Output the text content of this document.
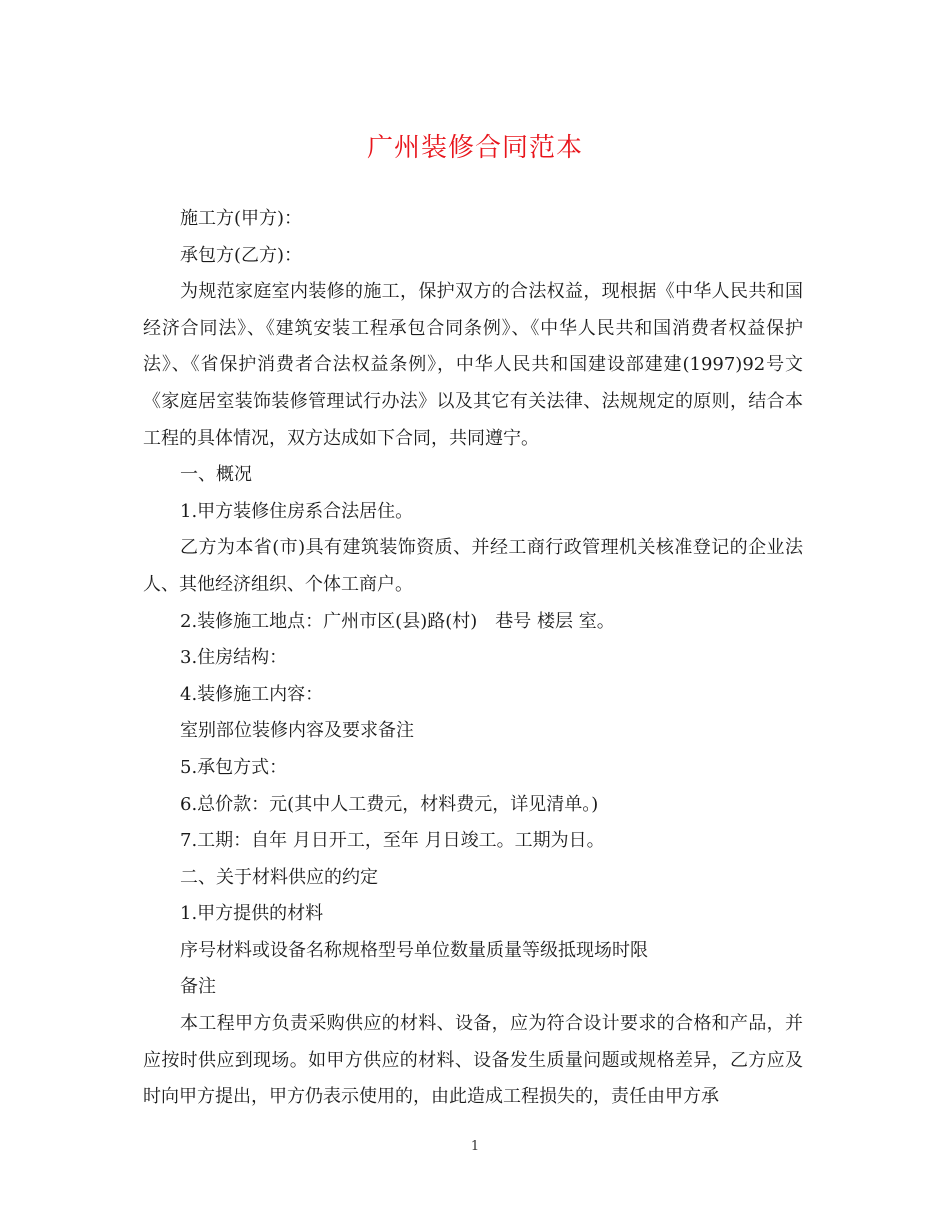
广州装修合同范本

施工方(甲方)：

承包方(乙方)：

为规范家庭室内装修的施工，保护双方的合法权益，现根据《中华人民共和国经济合同法》、《建筑安装工程承包合同条例》、《中华人民共和国消费者权益保护法》、《省保护消费者合法权益条例》，中华人民共和国建设部建建(1997)92号文《家庭居室装饰装修管理试行办法》以及其它有关法律、法规规定的原则，结合本工程的具体情况，双方达成如下合同，共同遵宁。

一、概况

1.甲方装修住房系合法居住。

乙方为本省(市)具有建筑装饰资质、并经工商行政管理机关核准登记的企业法人、其他经济组织、个体工商户。

2.装修施工地点：广州市区(县)路(村)　巷号 楼层 室。

3.住房结构：

4.装修施工内容：

室别部位装修内容及要求备注

5.承包方式：

6.总价款：元(其中人工费元，材料费元，详见清单。)

7.工期：自年 月日开工，至年 月日竣工。工期为日。

二、关于材料供应的约定

1.甲方提供的材料

序号材料或设备名称规格型号单位数量质量等级抵现场时限

备注

本工程甲方负责采购供应的材料、设备，应为符合设计要求的合格和产品，并应按时供应到现场。如甲方供应的材料、设备发生质量问题或规格差异，乙方应及时向甲方提出，甲方仍表示使用的，由此造成工程损失的，责任由甲方承

1
